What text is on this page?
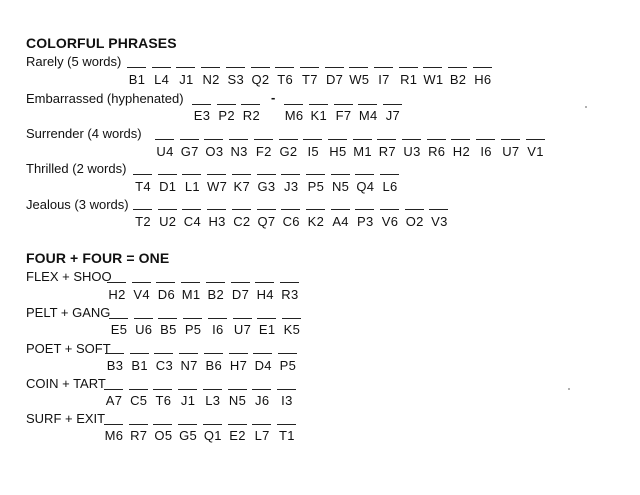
COLORFUL PHRASES
Rarely (5 words)
B1 L4 J1 N2 S3 Q2 T6 T7 D7 W5 I7 R1 W1 B2 H6
Embarrassed (hyphenated)	-
E3 P2 R2	M6 K1 F7 M4 J7
Surrender (4 words)
U4 G7 O3 N3 F2 G2 I5 H5 M1 R7 U3 R6 H2 I6 U7 V1
Thrilled (2 words)
T4 D1 L1 W7 K7 G3 J3 P5 N5 Q4 L6
Jealous (3 words)
T2 U2 C4 H3 C2 Q7 C6 K2 A4 P3 V6 O2 V3
FOUR + FOUR = ONE
FLEX + SHOO
H2 V4 D6 M1 B2 D7 H4 R3
PELT + GANG
E5 U6 B5 P5 I6 U7 E1 K5
POET + SOFT
B3 B1 C3 N7 B6 H7 D4 P5
COIN + TART
A7 C5 T6 J1 L3 N5 J6 I3
SURF + EXIT
M6 R7 O5 G5 Q1 E2 L7 T1
